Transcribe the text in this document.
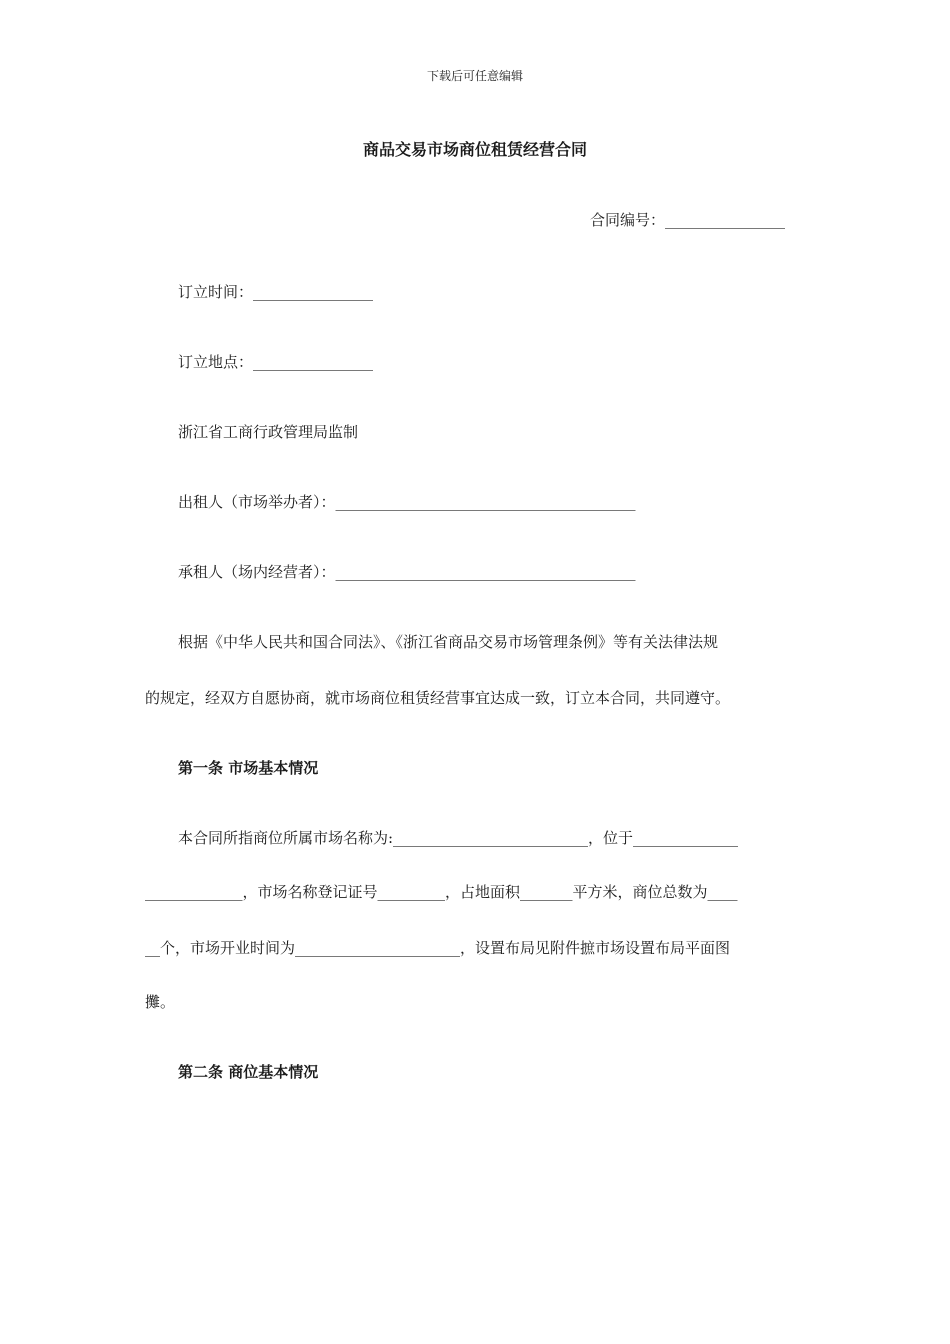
下载后可任意编辑
商品交易市场商位租赁经营合同
合同编号：________________
订立时间：________________
订立地点：________________
浙江省工商行政管理局监制
出租人（市场举办者）：________________________________________
承租人（场内经营者）：________________________________________
根据《中华人民共和国合同法》、《浙江省商品交易市场管理条例》等有关法律法规
的规定，经双方自愿协商，就市场商位租赁经营事宜达成一致，订立本合同，共同遵守。
第一条 市场基本情况
本合同所指商位所属市场名称为:__________________________，位于______________
_____________，市场名称登记证号_________，占地面积_______平方米，商位总数为____
__个，市场开业时间为______________________，设置布局见附件摭市场设置布局平面图
攤。
第二条 商位基本情况
